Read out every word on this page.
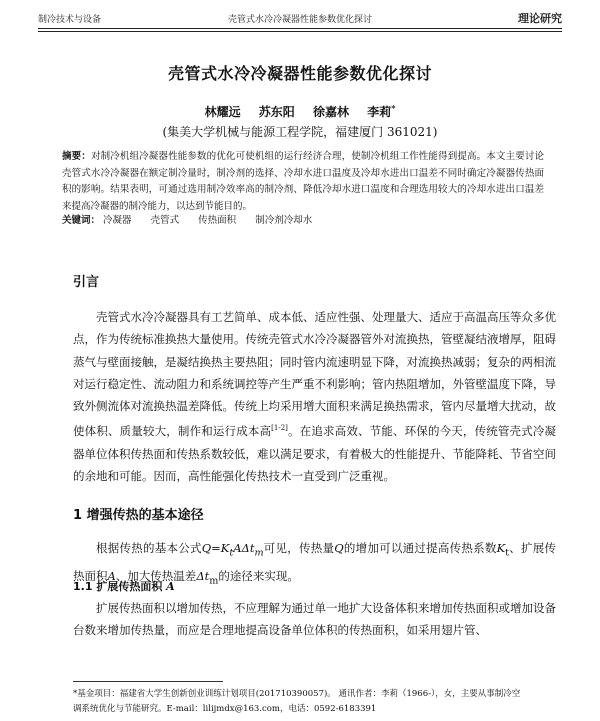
制冷技术与设备	壳管式水冷冷凝器性能参数优化探讨	理论研究
壳管式水冷冷凝器性能参数优化探讨
林耀远 苏东阳 徐嘉林 李莉*
(集美大学机械与能源工程学院，福建厦门 361021)
摘要：对制冷机组冷凝器性能参数的优化可使机组的运行经济合理，使制冷机组工作性能得到提高。本文主要讨论壳管式水冷冷凝器在额定制冷量时，制冷剂的选择、冷却水进口温度及冷却水进出口温差不同时确定冷凝器传热面积的影响。结果表明，可通过选用制冷效率高的制冷剂、降低冷却水进口温度和合理选用较大的冷却水进出口温差来提高冷凝器的制冷能力，以达到节能目的。
关键词： 冷凝器 壳管式 传热面积 制冷剂冷却水
引言

壳管式水冷冷凝器具有工艺简单、成本低、适应性强、处理量大、适应于高温高压等众多优点，作为传统标准换热大量使用。传统壳管式水冷冷凝器管外对流换热，管壁凝结液增厚，阻碍蒸气与壁面接触，是凝结换热主要热阻；同时管内流速明显下降，对流换热减弱；复杂的两相流对运行稳定性、流动阻力和系统调控等产生严重不利影响；管内热阻增加，外管壁温度下降，导致外侧流体对流换热温差降低。传统上均采用增大面积来满足换热需求，管内尽量增大扰动，故使体积、质量较大，制作和运行成本高[1-2]。在追求高效、节能、环保的今天，传统管壳式冷凝器单位体积传热面和传热系数较低，难以满足要求，有着极大的性能提升、节能降耗、节省空间的余地和可能。因而，高性能强化传热技术一直受到广泛重视。

1 增强传热的基本途径

根据传热的基本公式$Q=K_tA\Delta t_m$可见，传热量Q的增加可以通过提高传热系数$K_t$、扩展传热面积A、加大传热温差$\Delta t_m$的途径来实现。

1.1 扩展传热面积 A

扩展传热面积以增加传热，不应理解为通过单一地扩大设备体积来增加传热面积或增加设备台数来增加传热量，而应是合理地提高设备单位体积的传热面积，如采用翅片管、

*基金项目：福建省大学生创新创业训练计划项目(201710390057)。 通讯作者：李莉（1966-），女，主要从事制冷空
调系统优化与节能研究。E-mail：lilijmdx@163.com，电话：0592-6183391
